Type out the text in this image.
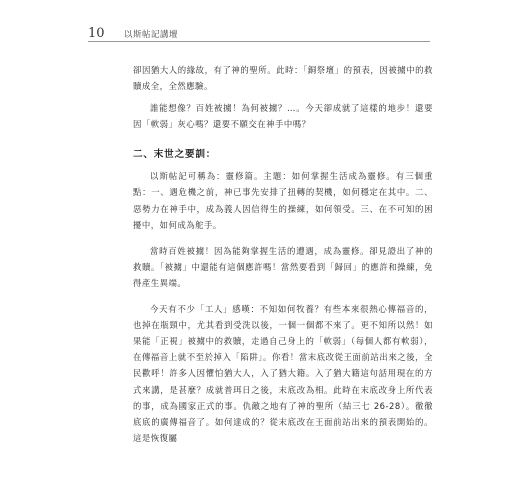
10	以斯帖記講壇

卻因猶大人的緣故，有了神的聖所。此時：「銅祭壇」的預表，因被擄中的救贖成全，全然應驗。

誰能想像？百姓被擄！為何被擄？…。今天卻成就了這樣的地步！還要因「軟弱」灰心嗎？還要不願交在神手中嗎？

二、末世之要訓：

以斯帖記可稱為：靈修篇。主題：如何掌握生活成為靈修。有三個重點：一、遇危機之前，神已事先安排了扭轉的契機，如何穩定在其中。二、惡勢力在神手中，成為義人因信得生的操練，如何領受。三、在不可知的困擾中，如何成為舵手。

當時百姓被擄！因為能夠掌握生活的遭遇，成為靈修。卻見證出了神的救贖。「被擄」中還能有這個應許嗎！當然要看到「歸回」的應許和操練，免得產生異端。

今天有不少「工人」感嘆：不知如何牧養？有些本來很熱心傳福音的，也掉在瓶頸中，尤其看到受洗以後，一個一個都不來了。更不知所以然！如果能「正視」被擄中的救贖，走過自己身上的「軟弱」（每個人都有軟弱），在傳福音上就不至於掉入「陷阱」。你看！當末底改從王面前站出來之後，全民歡呼！許多人因懼怕猶大人，入了猶大籍。入了猶大籍這句話用現在的方式來講，是甚麼？成就普珥日之後，末底改為相。此時在末底改身上所代表的事，成為國家正式的事。仇敵之地有了神的聖所（結三七 26-28）。徹徹底底的廣傳福音了。如何達成的？從末底改在王面前站出來的預表開始的。這是恢復屬
